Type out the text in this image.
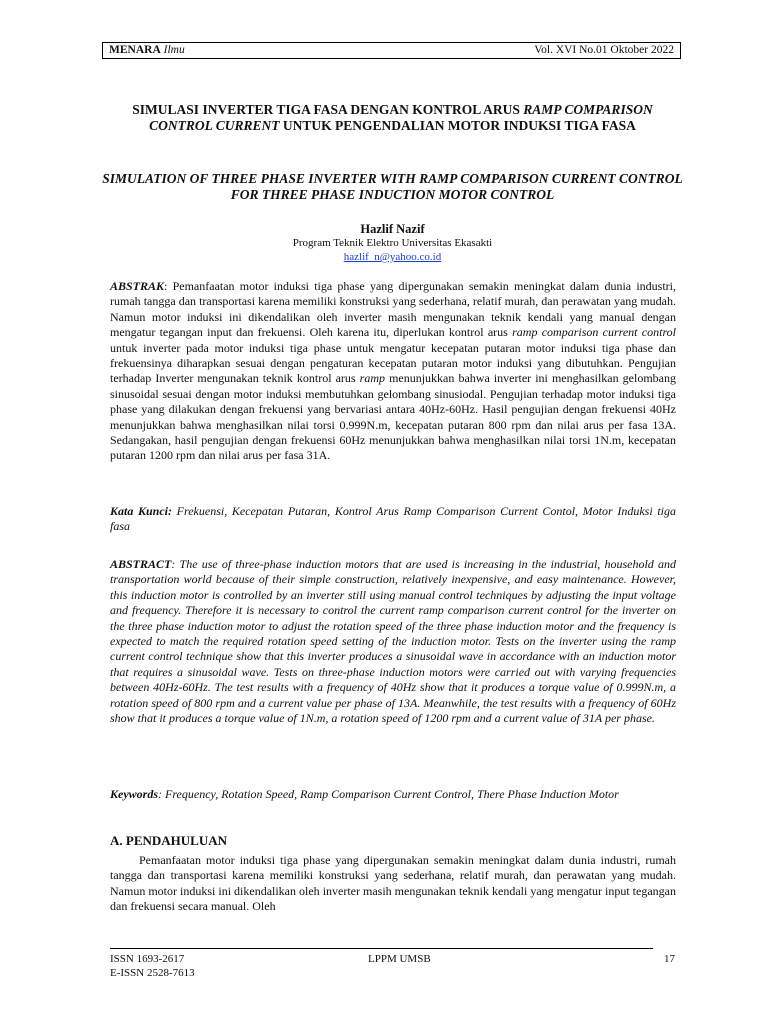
MENARA Ilmu	Vol. XVI No.01 Oktober 2022
SIMULASI INVERTER TIGA FASA DENGAN KONTROL ARUS RAMP COMPARISON CONTROL CURRENT UNTUK PENGENDALIAN MOTOR INDUKSI TIGA FASA
SIMULATION OF THREE PHASE INVERTER WITH RAMP COMPARISON CURRENT CONTROL FOR THREE PHASE INDUCTION MOTOR CONTROL
Hazlif Nazif
Program Teknik Elektro Universitas Ekasakti
hazlif_n@yahoo.co.id
ABSTRAK: Pemanfaatan motor induksi tiga phase yang dipergunakan semakin meningkat dalam dunia industri, rumah tangga dan transportasi karena memiliki konstruksi yang sederhana, relatif murah, dan perawatan yang mudah. Namun motor induksi ini dikendalikan oleh inverter masih mengunakan teknik kendali yang manual dengan mengatur tegangan input dan frekuensi. Oleh karena itu, diperlukan kontrol arus ramp comparison current control untuk inverter pada motor induksi tiga phase untuk mengatur kecepatan putaran motor induksi tiga phase dan frekuensinya diharapkan sesuai dengan pengaturan kecepatan putaran motor induksi yang dibutuhkan. Pengujian terhadap Inverter mengunakan teknik kontrol arus ramp menunjukkan bahwa inverter ini menghasilkan gelombang sinusoidal sesuai dengan motor induksi membutuhkan gelombang sinusiodal. Pengujian terhadap motor induksi tiga phase yang dilakukan dengan frekuensi yang bervariasi antara 40Hz-60Hz. Hasil pengujian dengan frekuensi 40Hz menunjukkan bahwa menghasilkan nilai torsi 0.999N.m, kecepatan putaran 800 rpm dan nilai arus per fasa 13A. Sedangakan, hasil pengujian dengan frekuensi 60Hz menunjukkan bahwa menghasilkan nilai torsi 1N.m, kecepatan putaran 1200 rpm dan nilai arus per fasa 31A.
Kata Kunci: Frekuensi, Kecepatan Putaran, Kontrol Arus Ramp Comparison Current Contol, Motor Induksi tiga fasa
ABSTRACT: The use of three-phase induction motors that are used is increasing in the industrial, household and transportation world because of their simple construction, relatively inexpensive, and easy maintenance. However, this induction motor is controlled by an inverter still using manual control techniques by adjusting the input voltage and frequency. Therefore it is necessary to control the current ramp comparison current control for the inverter on the three phase induction motor to adjust the rotation speed of the three phase induction motor and the frequency is expected to match the required rotation speed setting of the induction motor. Tests on the inverter using the ramp current control technique show that this inverter produces a sinusoidal wave in accordance with an induction motor that requires a sinusoidal wave. Tests on three-phase induction motors were carried out with varying frequencies between 40Hz-60Hz. The test results with a frequency of 40Hz show that it produces a torque value of 0.999N.m, a rotation speed of 800 rpm and a current value per phase of 13A. Meanwhile, the test results with a frequency of 60Hz show that it produces a torque value of 1N.m, a rotation speed of 1200 rpm and a current value of 31A per phase.
Keywords: Frequency, Rotation Speed, Ramp Comparison Current Control, There Phase Induction Motor
A. PENDAHULUAN
Pemanfaatan motor induksi tiga phase yang dipergunakan semakin meningkat dalam dunia industri, rumah tangga dan transportasi karena memiliki konstruksi yang sederhana, relatif murah, dan perawatan yang mudah. Namun motor induksi ini dikendalikan oleh inverter masih mengunakan teknik kendali yang mengatur input tegangan dan frekuensi secara manual. Oleh
ISSN 1693-2617
E-ISSN 2528-7613
LPPM UMSB	17
